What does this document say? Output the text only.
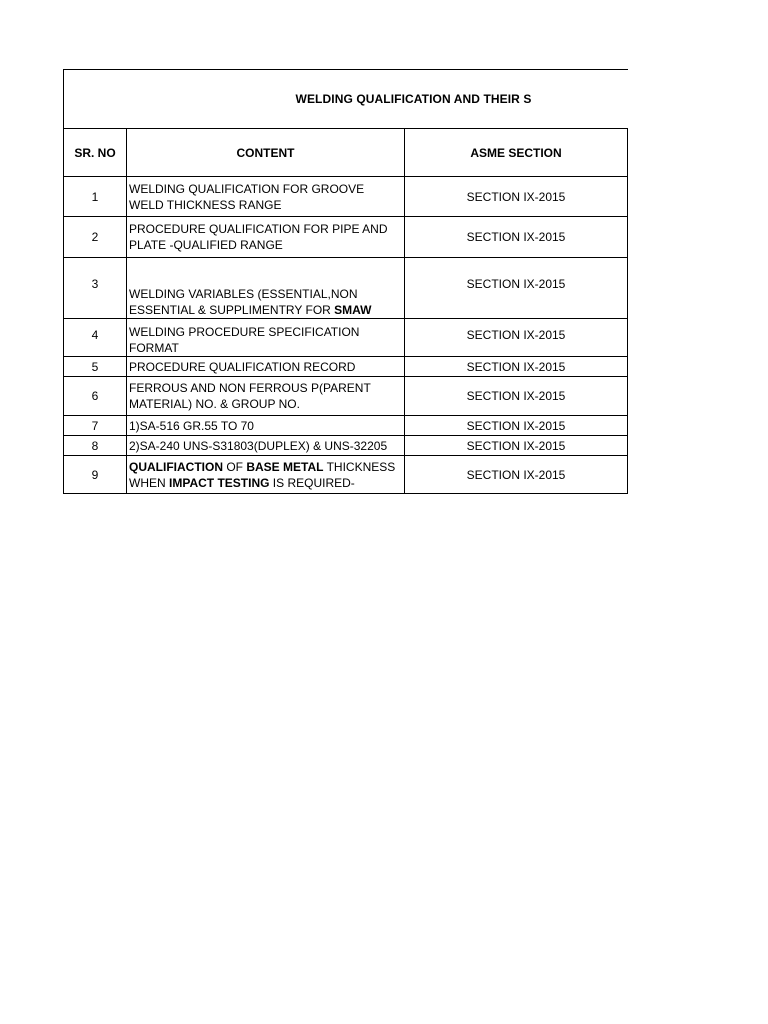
WELDING QUALIFICATION AND THEIR S			
SR. NO	CONTENT	ASME SECTION	
1	WELDING QUALIFICATION FOR GROOVE WELD THICKNESS RANGE	SECTION IX-2015	
2	PROCEDURE QUALIFICATION FOR PIPE AND PLATE -QUALIFIED RANGE	SECTION IX-2015	
3	WELDING VARIABLES (ESSENTIAL,NON ESSENTIAL & SUPPLIMENTRY FOR SMAW	SECTION IX-2015	
4	WELDING PROCEDURE SPECIFICATION FORMAT	SECTION IX-2015	
5	PROCEDURE QUALIFICATION RECORD	SECTION IX-2015	
6	FERROUS AND NON FERROUS P(PARENT MATERIAL) NO. & GROUP NO.	SECTION IX-2015	
7	1)SA-516 GR.55 TO 70	SECTION IX-2015	
8	2)SA-240 UNS-S31803(DUPLEX) & UNS-32205	SECTION IX-2015	
9	QUALIFIACTION OF BASE METAL THICKNESS WHEN IMPACT TESTING IS REQUIRED-	SECTION IX-2015	
